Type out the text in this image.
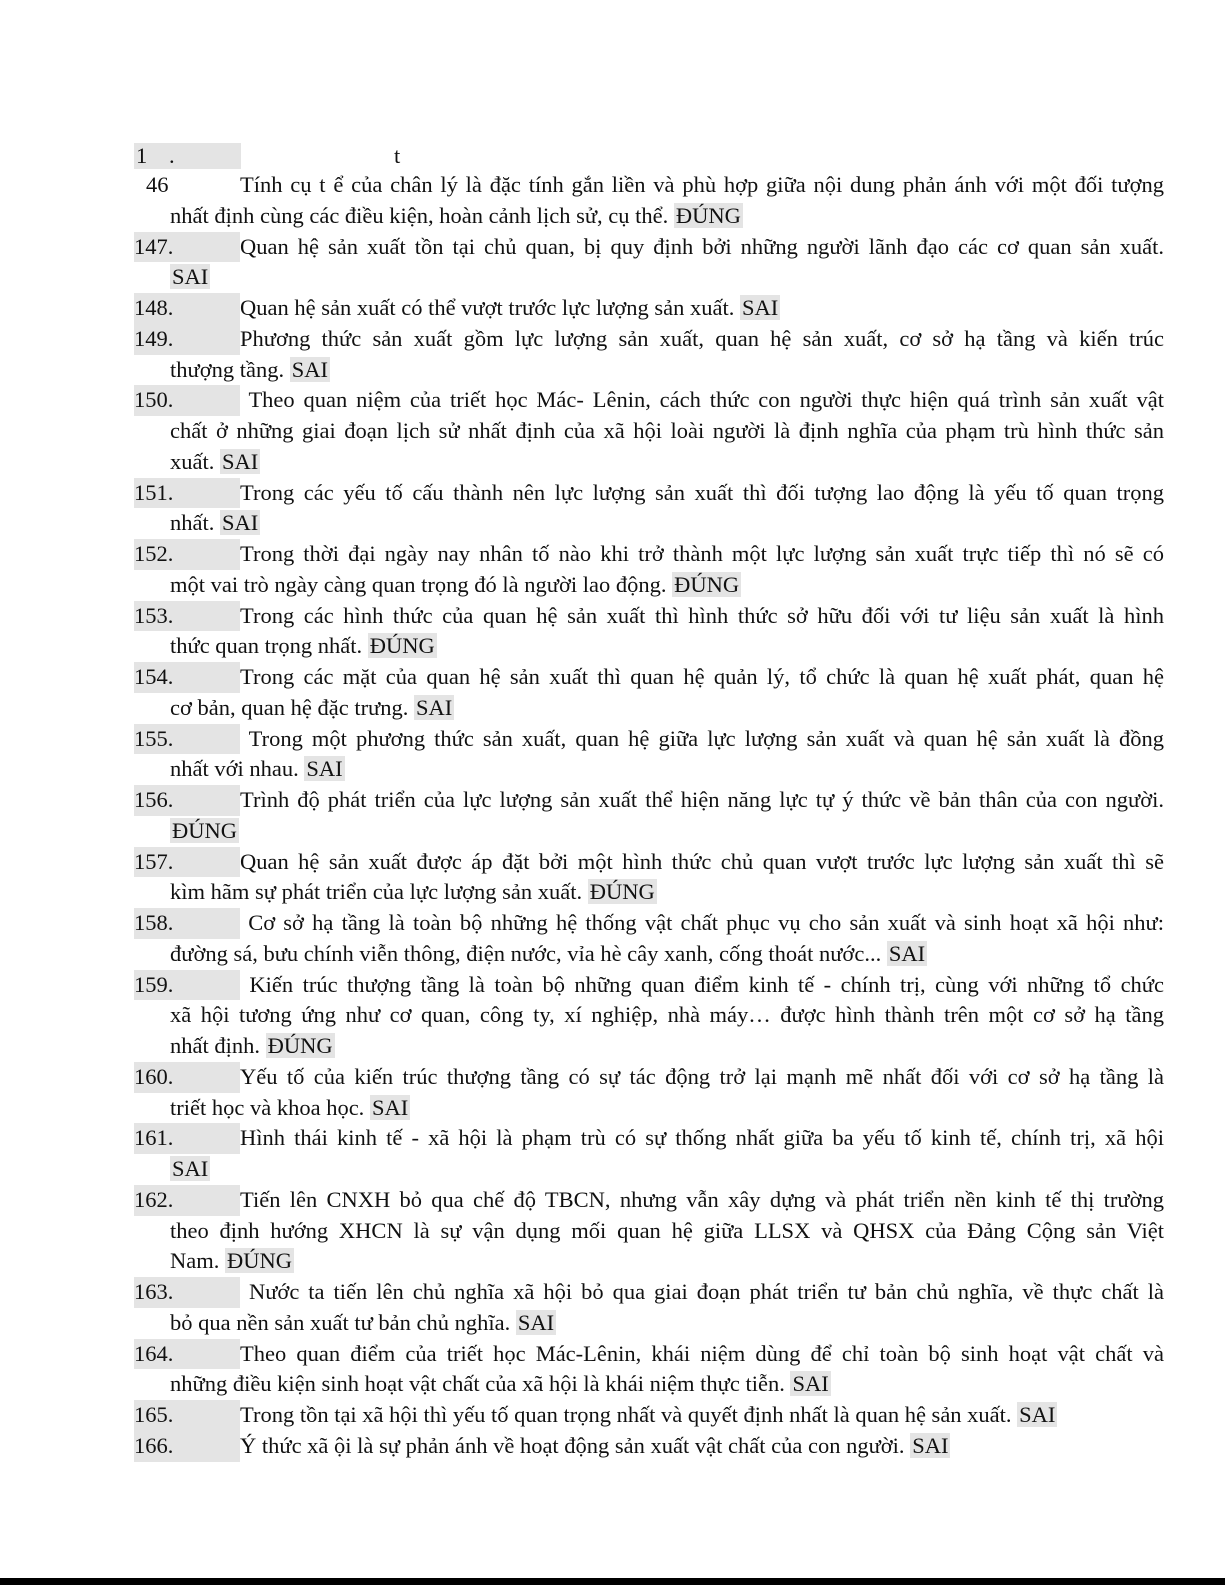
1 .	t
46	Tính cụ t ể của chân lý là đặc tính gắn liền và phù hợp giữa nội dung phản ánh với một đối tượng
nhất định cùng các điều kiện, hoàn cảnh lịch sử, cụ thể. ĐÚNG
147.	Quan hệ sản xuất tồn tại chủ quan, bị quy định bởi những người lãnh đạo các cơ quan sản xuất.
SAI
148.	Quan hệ sản xuất có thể vượt trước lực lượng sản xuất. SAI
149.	Phương thức sản xuất gồm lực lượng sản xuất, quan hệ sản xuất, cơ sở hạ tầng và kiến trúc
thượng tầng. SAI
150.	Theo quan niệm của triết học Mác- Lênin, cách thức con người thực hiện quá trình sản xuất vật
chất ở những giai đoạn lịch sử nhất định của xã hội loài người là định nghĩa của phạm trù hình thức sản
xuất. SAI
151.	Trong các yếu tố cấu thành nên lực lượng sản xuất thì đối tượng lao động là yếu tố quan trọng
nhất. SAI
152.	Trong thời đại ngày nay nhân tố nào khi trở thành một lực lượng sản xuất trực tiếp thì nó sẽ có
một vai trò ngày càng quan trọng đó là người lao động. ĐÚNG
153.	Trong các hình thức của quan hệ sản xuất thì hình thức sở hữu đối với tư liệu sản xuất là hình
thức quan trọng nhất. ĐÚNG
154.	Trong các mặt của quan hệ sản xuất thì quan hệ quản lý, tổ chức là quan hệ xuất phát, quan hệ
cơ bản, quan hệ đặc trưng. SAI
155.	Trong một phương thức sản xuất, quan hệ giữa lực lượng sản xuất và quan hệ sản xuất là đồng
nhất với nhau. SAI
156.	Trình độ phát triển của lực lượng sản xuất thể hiện năng lực tự ý thức về bản thân của con người.
ĐÚNG
157.	Quan hệ sản xuất được áp đặt bởi một hình thức chủ quan vượt trước lực lượng sản xuất thì sẽ
kìm hãm sự phát triển của lực lượng sản xuất. ĐÚNG
158.	Cơ sở hạ tầng là toàn bộ những hệ thống vật chất phục vụ cho sản xuất và sinh hoạt xã hội như:
đường sá, bưu chính viễn thông, điện nước, vỉa hè cây xanh, cống thoát nước... SAI
159.	Kiến trúc thượng tầng là toàn bộ những quan điểm kinh tế - chính trị, cùng với những tổ chức
xã hội tương ứng như cơ quan, công ty, xí nghiệp, nhà máy… được hình thành trên một cơ sở hạ tầng
nhất định. ĐÚNG
160.	Yếu tố của kiến trúc thượng tầng có sự tác động trở lại mạnh mẽ nhất đối với cơ sở hạ tầng là
triết học và khoa học. SAI
161.	Hình thái kinh tế - xã hội là phạm trù có sự thống nhất giữa ba yếu tố kinh tế, chính trị, xã hội
SAI
162.	Tiến lên CNXH bỏ qua chế độ TBCN, nhưng vẫn xây dựng và phát triển nền kinh tế thị trường
theo định hướng XHCN là sự vận dụng mối quan hệ giữa LLSX và QHSX của Đảng Cộng sản Việt
Nam. ĐÚNG
163.	Nước ta tiến lên chủ nghĩa xã hội bỏ qua giai đoạn phát triển tư bản chủ nghĩa, về thực chất là
bỏ qua nền sản xuất tư bản chủ nghĩa. SAI
164.	Theo quan điểm của triết học Mác-Lênin, khái niệm dùng để chỉ toàn bộ sinh hoạt vật chất và
những điều kiện sinh hoạt vật chất của xã hội là khái niệm thực tiễn. SAI
165.	Trong tồn tại xã hội thì yếu tố quan trọng nhất và quyết định nhất là quan hệ sản xuất. SAI
166.	Ý thức xã ội là sự phản ánh về hoạt động sản xuất vật chất của con người. SAI
